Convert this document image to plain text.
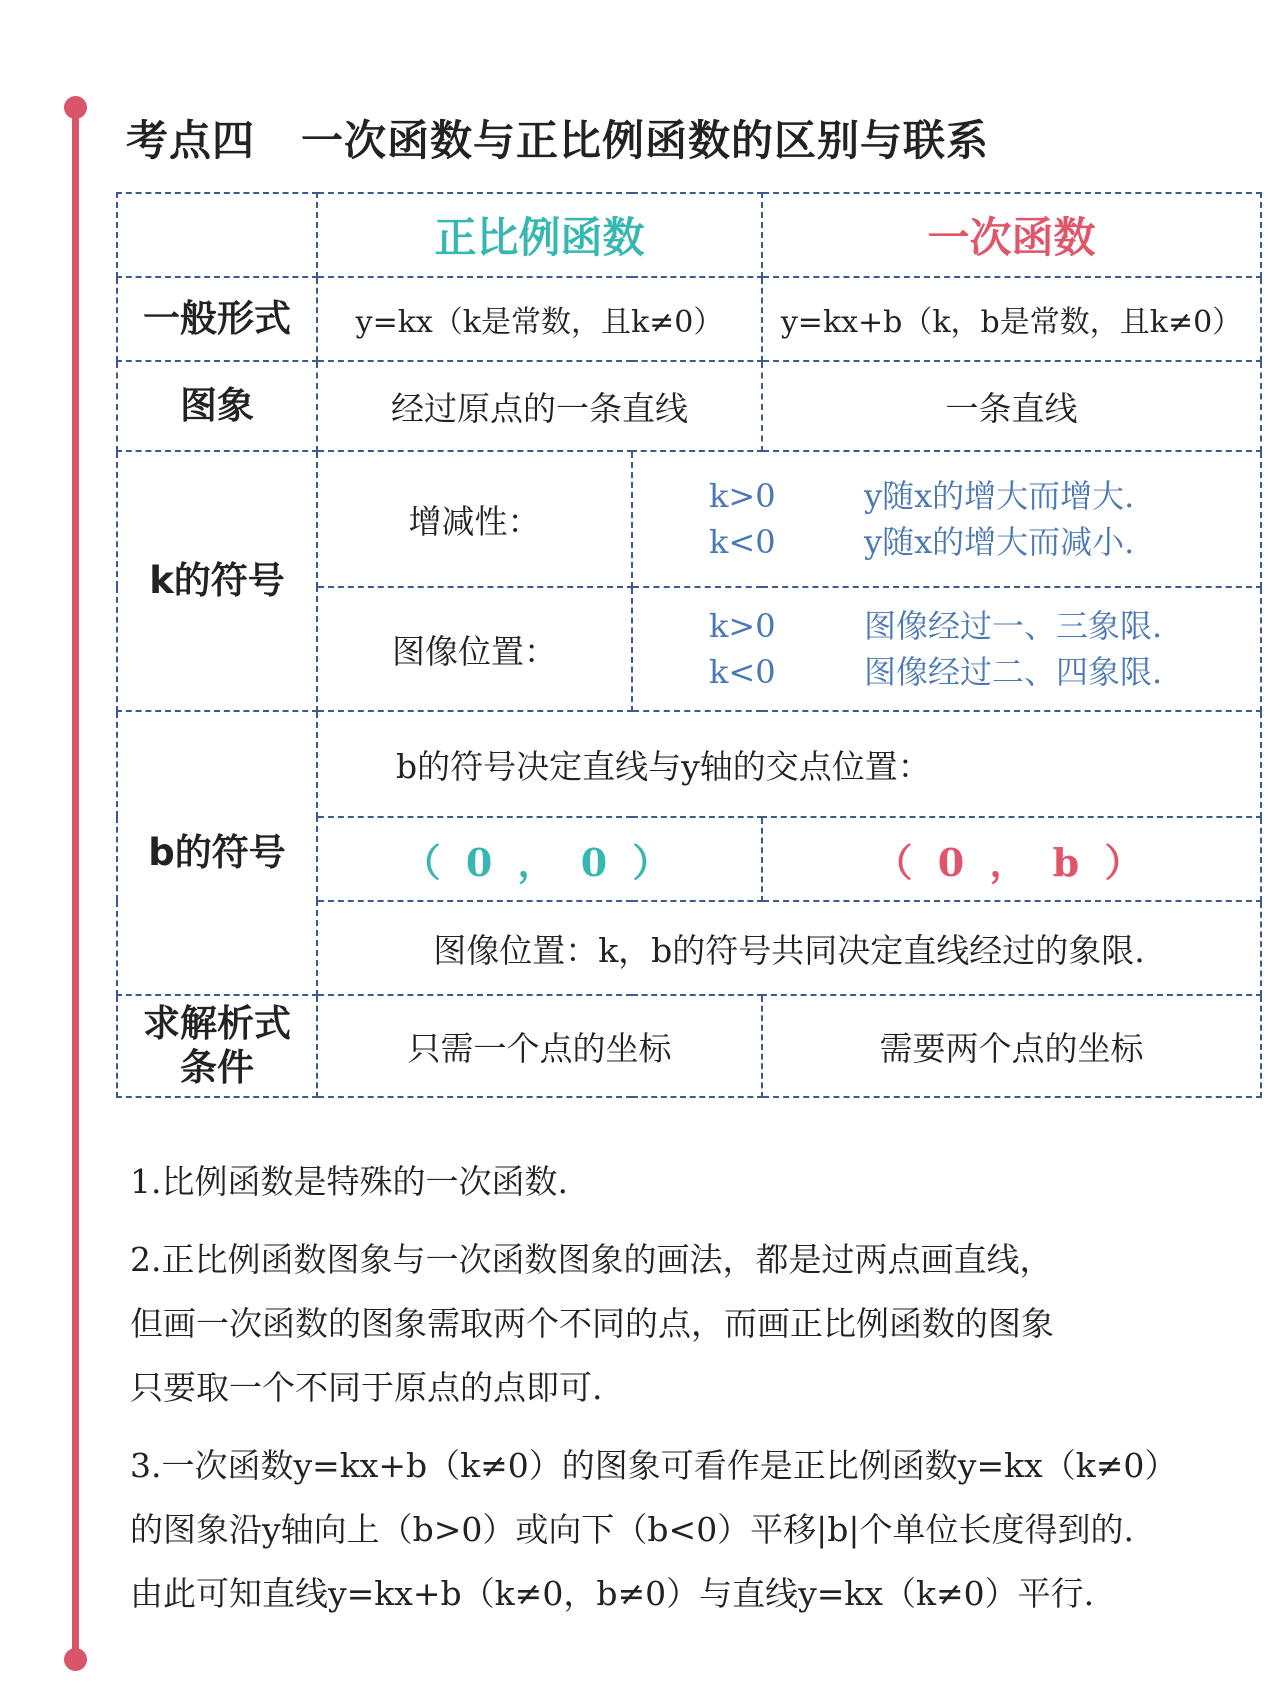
考点四 一次函数与正比例函数的区别与联系
	正比例函数		一次函数
一般形式	y=kx（k是常数，且k≠0）		y=kx+b（k，b是常数，且k≠0）
图象	经过原点的一条直线		一条直线
k的符号	增减性：	k>0 y随x的增大而增大.
k<0 y随x的增大而减小.	

	图像位置：	k>0 图像经过一、三象限.
k<0 图像经过二、四象限.	

b的符号	b的符号决定直线与y轴的交点位置：		
	（ 0 ， 0 ）		（ 0 ， b ）
	图像位置：k，b的符号共同决定直线经过的象限.		

求解析式
条件	只需一个点的坐标		需要两个点的坐标

1.比例函数是特殊的一次函数.

2.正比例函数图象与一次函数图象的画法，都是过两点画直线，
但画一次函数的图象需取两个不同的点，而画正比例函数的图象
只要取一个不同于原点的点即可.

3.一次函数y=kx+b（k≠0）的图象可看作是正比例函数y=kx（k≠0）
的图象沿y轴向上（b>0）或向下（b<0）平移|b|个单位长度得到的.
由此可知直线y=kx+b（k≠0，b≠0）与直线y=kx（k≠0）平行.
